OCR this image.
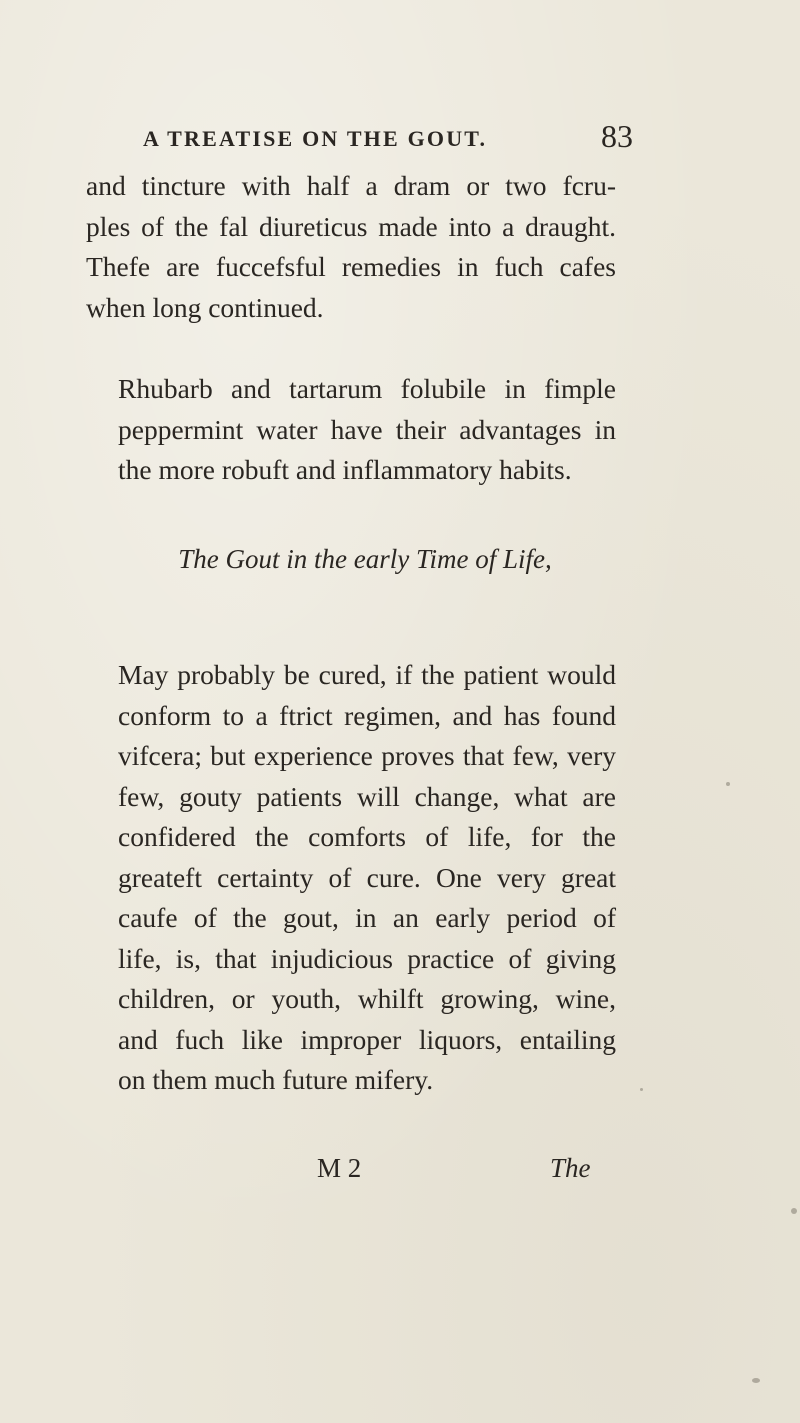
A TREATISE ON THE GOUT.	83
and tincture with half a dram or two fcru-
ples of the fal diureticus made into a draught.
Thefe are fuccefsful remedies in fuch cafes
when long continued.
Rhubarb and tartarum folubile in fimple
peppermint water have their advantages in
the more robuft and inflammatory habits.
The Gout in the early Time of Life,
May probably be cured, if the patient would
conform to a ftrict regimen, and has found
vifcera; but experience proves that few, very
few, gouty patients will change, what are
confidered the comforts of life, for the
greateft certainty of cure. One very great
caufe of the gout, in an early period of
life, is, that injudicious practice of giving
children, or youth, whilft growing, wine,
and fuch like improper liquors, entailing
on them much future mifery.
M 2	The
